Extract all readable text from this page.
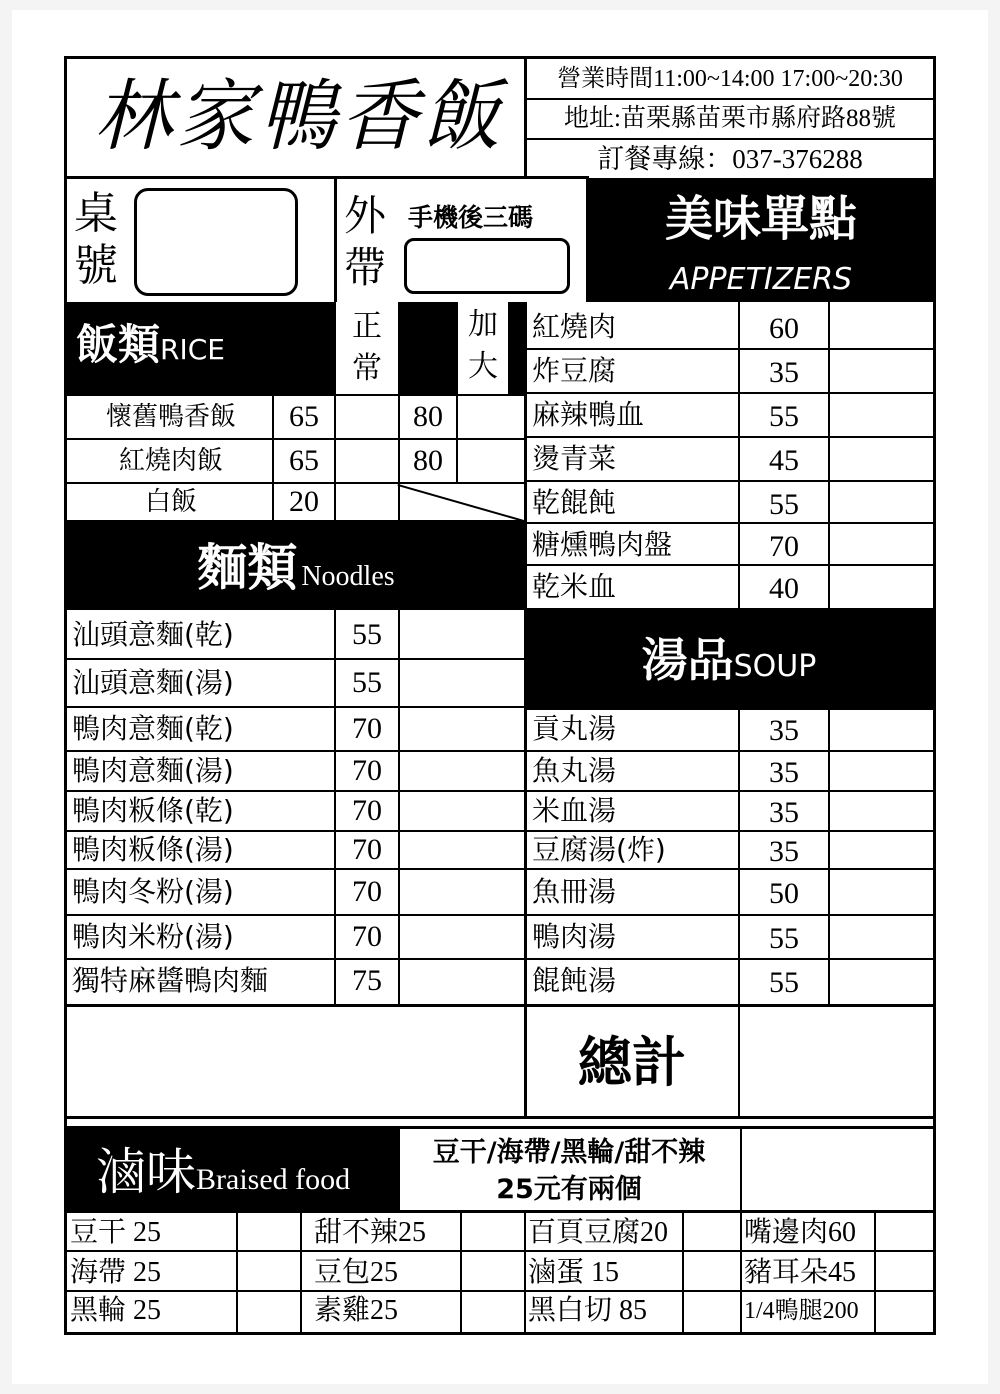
林家鴨香飯	營業時間11:00~14:00 17:00~20:30
地址:苗栗縣苗栗市縣府路88號
訂餐專線：037-376288
桌號
外帶
手機後三碼	美味單點
APPETIZERS
飯類RICE
正常
加大
懷舊鴨香飯	65	80
紅燒肉飯	65	80
白飯	20
紅燒肉	60
炸豆腐	35
麻辣鴨血	55
燙青菜	45
乾餛飩	55
糖燻鴨肉盤	70
乾米血	40
麵類 Noodles
汕頭意麵(乾)	55
汕頭意麵(湯)	55
鴨肉意麵(乾)	70
鴨肉意麵(湯)	70
鴨肉粄條(乾)	70
鴨肉粄條(湯)	70
鴨肉冬粉(湯)	70
鴨肉米粉(湯)	70
獨特麻醬鴨肉麵	75
湯品SOUP
貢丸湯	35
魚丸湯	35
米血湯	35
豆腐湯(炸)	35
魚冊湯	50
鴨肉湯	55
餛飩湯	55
總計
滷味Braised food
豆干/海帶/黑輪/甜不辣
25元有兩個
豆干 25	甜不辣25	百頁豆腐20	嘴邊肉60
海帶 25	豆包25	滷蛋 15	豬耳朵45
黑輪 25	素雞25	黑白切 85	1/4鴨腿200
